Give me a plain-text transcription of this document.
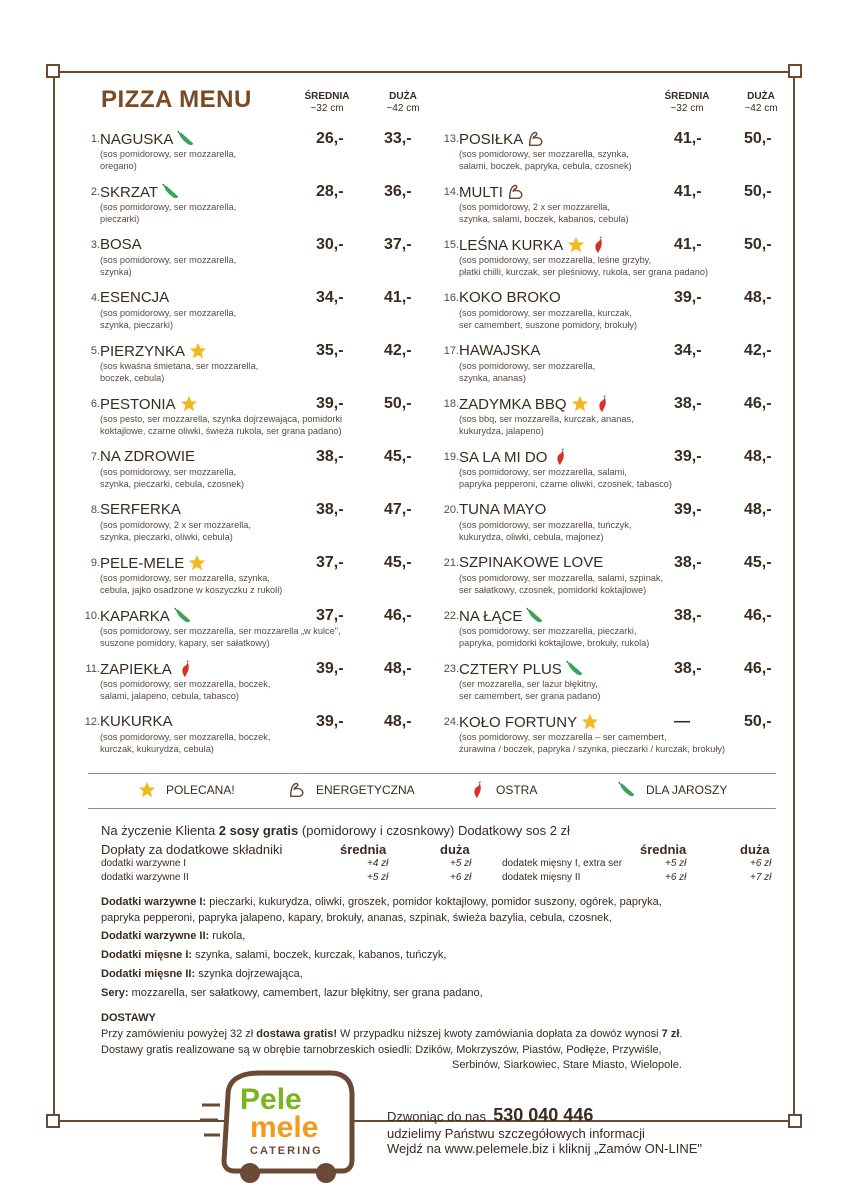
PIZZA MENU	ŚREDNIA
~32 cm
DUŻA
~42 cm
ŚREDNIA
~32 cm
DUŻA
~42 cm
1. NAGUSKA
(sos pomidorowy, ser mozzarella,
oregano)
26,-	33,-
2. SKRZAT
(sos pomidorowy, ser mozzarella,
pieczarki)
28,-	36,-
3. BOSA
(sos pomidorowy, ser mozzarella,
szynka)
30,-	37,-
4. ESENCJA
(sos pomidorowy, ser mozzarella,
szynka, pieczarki)
34,-	41,-
5. PIERZYNKA
(sos kwaśna śmietana, ser mozzarella,
boczek, cebula)
35,-	42,-
6. PESTONIA
(sos pesto, ser mozzarella, szynka dojrzewająca, pomidorki
koktajlowe, czarne oliwki, świeża rukola, ser grana padano)
39,-	50,-
7. NA ZDROWIE
(sos pomidorowy, ser mozzarella,
szynka, pieczarki, cebula, czosnek)
38,-	45,-
8. SERFERKA
(sos pomidorowy, 2 x ser mozzarella,
szynka, pieczarki, oliwki, cebula)
38,-	47,-
9. PELE-MELE
(sos pomidorowy, ser mozzarella, szynka,
cebula, jajko osadzone w koszyczku z rukoli)
37,-	45,-
10. KAPARKA
(sos pomidorowy, ser mozzarella, ser mozzarella „w kulce",
suszone pomidory, kapary, ser sałatkowy)
37,-	46,-
11. ZAPIEKŁA
(sos pomidorowy, ser mozzarella, boczek,
salami, jalapeno, cebula, tabasco)
39,-	48,-
12. KUKURKA
(sos pomidorowy, ser mozzarella, boczek,
kurczak, kukurydza, cebula)
39,-	48,-
13. POSIŁKA
(sos pomidorowy, ser mozzarella, szynka,
salami, boczek, papryka, cebula, czosnek)
41,-	50,-
14. MULTI
(sos pomidorowy, 2 x ser mozzarella,
szynka, salami, boczek, kabanos, cebula)
41,-	50,-
15. LEŚNA KURKA
(sos pomidorowy, ser mozzarella, leśne grzyby,
płatki chilli, kurczak, ser pleśniowy, rukola, ser grana padano)
41,-	50,-
16. KOKO BROKO
(sos pomidorowy, ser mozzarella, kurczak,
ser camembert, suszone pomidory, brokuły)
39,-	48,-
17. HAWAJSKA
(sos pomidorowy, ser mozzarella,
szynka, ananas)
34,-	42,-
18. ZADYMKA BBQ
(sos bbq, ser mozzarella, kurczak, ananas,
kukurydza, jalapeno)
38,-	46,-
19. SA LA MI DO
(sos pomidorowy, ser mozzarella, salami,
papryka pepperoni, czarne oliwki, czosnek, tabasco)
39,-	48,-
20. TUNA MAYO
(sos pomidorowy, ser mozzarella, tuńczyk,
kukurydza, oliwki, cebula, majonez)
39,-	48,-
21. SZPINAKOWE LOVE
(sos pomidorowy, ser mozzarella, salami, szpinak,
ser sałatkowy, czosnek, pomidorki koktajlowe)
38,-	45,-
22. NA ŁĄCE
(sos pomidorowy, ser mozzarella, pieczarki,
papryka, pomidorki koktajlowe, brokuły, rukola)
38,-	46,-
23. CZTERY PLUS
(ser mozzarella, ser lazur błękitny,
ser camembert, ser grana padano)
38,-	46,-
24. KOŁO FORTUNY
(sos pomidorowy, ser mozzarella – ser camembert,
żurawina / boczek, papryka / szynka, pieczarki / kurczak, brokuły)
—	50,-
POLECANA!	ENERGETYCZNA	OSTRA	DLA JAROSZY
Na życzenie Klienta 2 sosy gratis (pomidorowy i czosnkowy) Dodatkowy sos 2 zł
Dopłaty za dodatkowe składniki	średnia	duża	średnia	duża
dodatki warzywne I	+4 zł	+5 zł
dodatki warzywne II	+5 zł	+6 zł
dodatek mięsny I, extra ser	+5 zł	+6 zł
dodatek mięsny II	+6 zł	+7 zł
Dodatki warzywne I: pieczarki, kukurydza, oliwki, groszek, pomidor koktajlowy, pomidor suszony, ogórek, papryka,
papryka pepperoni, papryka jalapeno, kapary, brokuły, ananas, szpinak, świeża bazylia, cebula, czosnek,
Dodatki warzywne II: rukola,
Dodatki mięsne I: szynka, salami, boczek, kurczak, kabanos, tuńczyk,
Dodatki mięsne II: szynka dojrzewająca,
Sery: mozzarella, ser sałatkowy, camembert, lazur błękitny, ser grana padano,
DOSTAWY
Przy zamówieniu powyżej 32 zł dostawa gratis! W przypadku niższej kwoty zamówiania dopłata za dowóz wynosi 7 zł.
Dostawy gratis realizowane są w obrębie tarnobrzeskich osiedli: Dzików, Mokrzyszów, Piastów, Podłęże, Przywiśle,
Serbinów, Siarkowiec, Stare Miasto, Wielopole.
Pele
mele
CATERING
Dzwoniąc do nas 530 040 446
udzielimy Państwu szczegółowych informacji
Wejdź na www.pelemele.biz i kliknij „Zamów ON-LINE"
